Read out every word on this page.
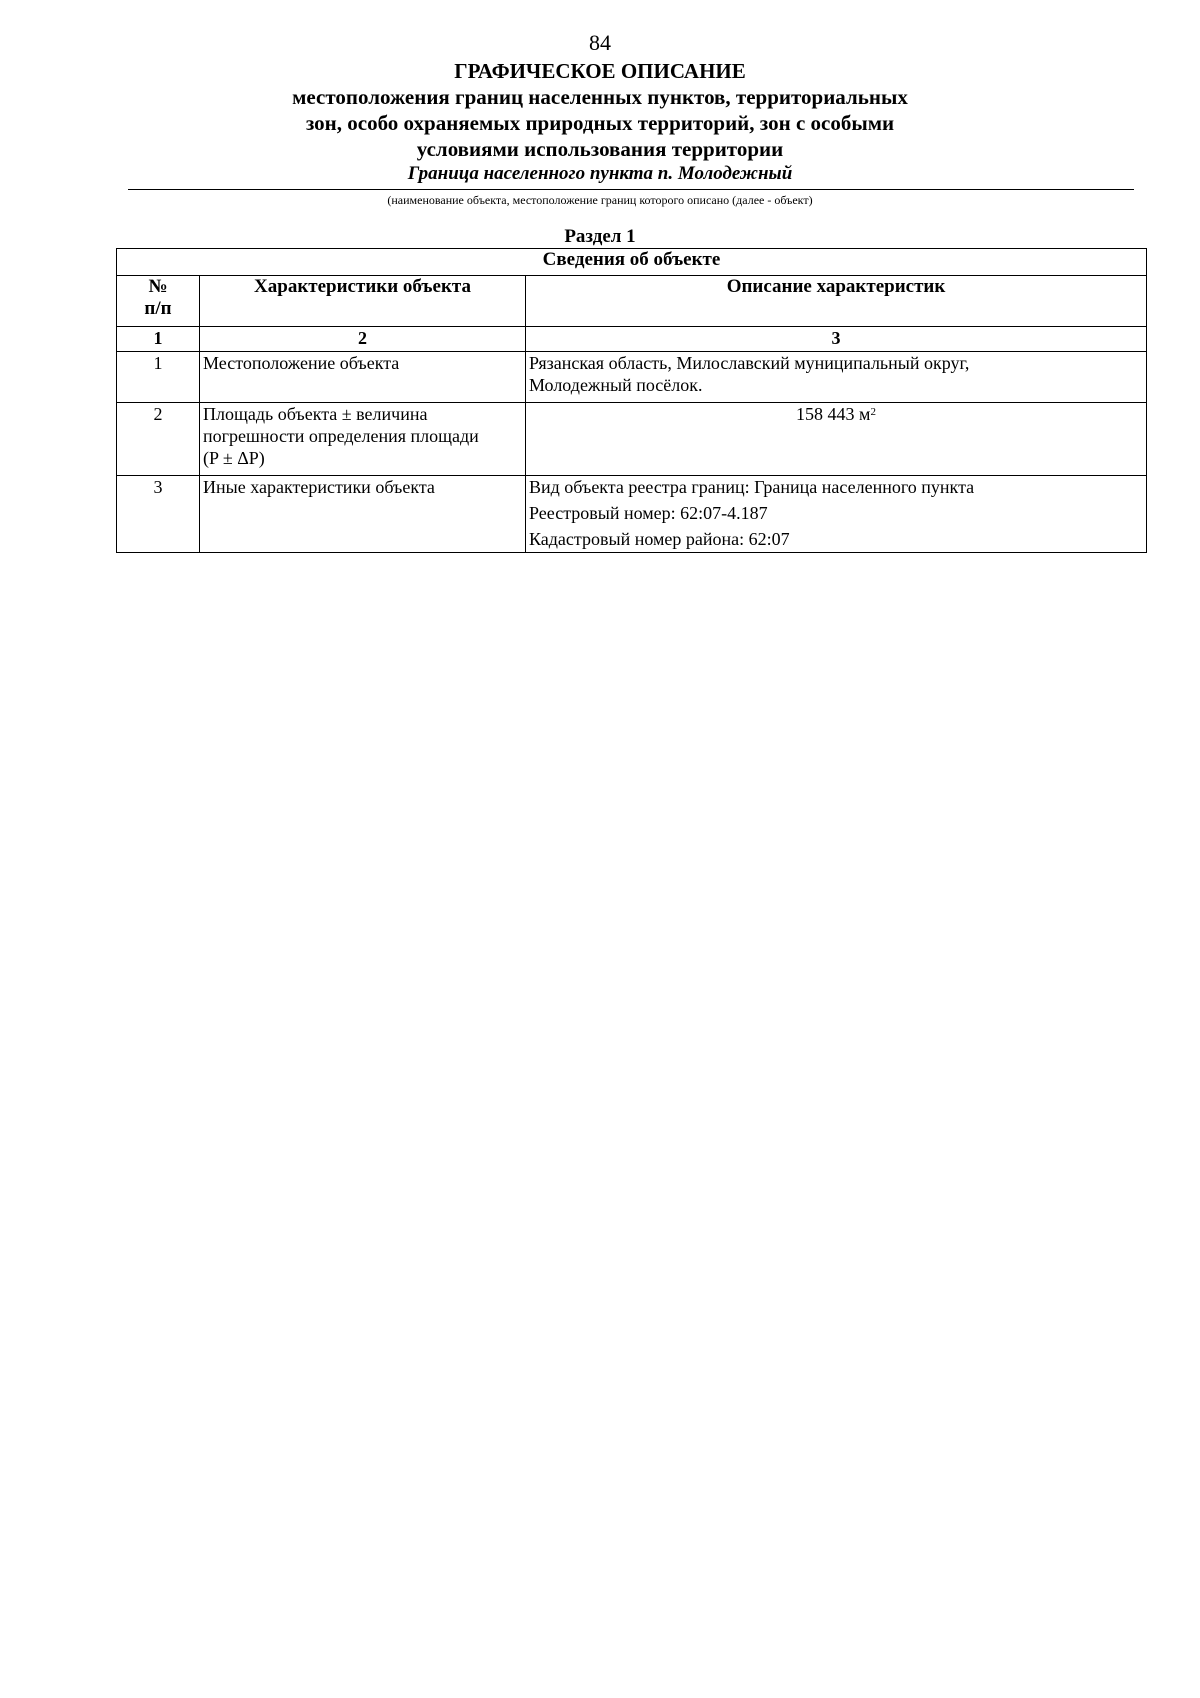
84
ГРАФИЧЕСКОЕ ОПИСАНИЕ
местоположения границ населенных пунктов, территориальных
зон, особо охраняемых природных территорий, зон с особыми
условиями использования территории
Граница населенного пункта п. Молодежный
(наименование объекта, местоположение границ которого описано (далее - объект)
Раздел 1
Сведения об объекте		

№
п/п	Характеристики объекта	Описание характеристик
1	2	3
1	Местоположение объекта	Рязанская область, Милославский муниципальный округ,
Молодежный посёлок.

2	Площадь объекта ± величина
погрешности определения площади
(P ± ΔP)	158 443 $м^2$
3	Иные характеристики объекта	Вид объекта реестра границ: Граница населенного пункта
Реестровый номер: 62:07-4.187
Кадастровый номер района: 62:07
